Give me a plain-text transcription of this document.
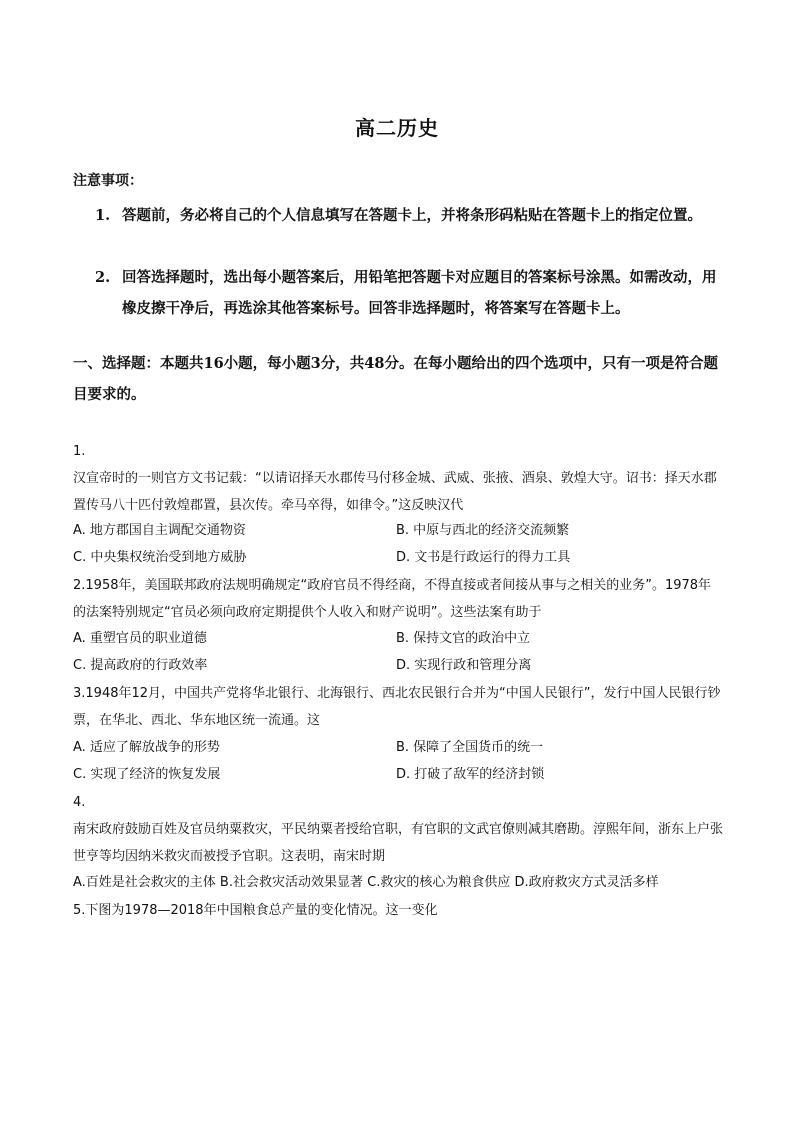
高二历史
注意事项：
1. 答题前，务必将自己的个人信息填写在答题卡上，并将条形码粘贴在答题卡上的指定位置。
2. 回答选择题时，选出每小题答案后，用铅笔把答题卡对应题目的答案标号涂黑。如需改动，用橡皮擦干净后，再选涂其他答案标号。回答非选择题时，将答案写在答题卡上。
一、选择题：本题共16小题，每小题3分，共48分。在每小题给出的四个选项中，只有一项是符合题目要求的。
1.
汉宣帝时的一则官方文书记载：“以请诏择天水郡传马付移金城、武威、张掖、酒泉、敦煌大守。诏书：择天水郡置传马八十匹付敦煌郡置，县次传。牵马卒得，如律令。”这反映汉代
A. 地方郡国自主调配交通物资	B. 中原与西北的经济交流频繁
C. 中央集权统治受到地方威胁	D. 文书是行政运行的得力工具
2.1958年，美国联邦政府法规明确规定“政府官员不得经商，不得直接或者间接从事与之相关的业务”。1978年的法案特别规定“官员必须向政府定期提供个人收入和财产说明”。这些法案有助于
A. 重塑官员的职业道德	B. 保持文官的政治中立
C. 提高政府的行政效率	D. 实现行政和管理分离
3.1948年12月，中国共产党将华北银行、北海银行、西北农民银行合并为“中国人民银行”，发行中国人民银行钞票，在华北、西北、华东地区统一流通。这
A. 适应了解放战争的形势	B. 保障了全国货币的统一
C. 实现了经济的恢复发展	D. 打破了敌军的经济封锁
4.
南宋政府鼓励百姓及官员纳粟救灾，平民纳粟者授给官职，有官职的文武官僚则减其磨勘。淳熙年间，浙东上户张世亨等均因纳米救灾而被授予官职。这表明，南宋时期
A.百姓是社会救灾的主体 B.社会救灾活动效果显著 C.救灾的核心为粮食供应 D.政府救灾方式灵活多样
5.下图为1978—2018年中国粮食总产量的变化情况。这一变化
